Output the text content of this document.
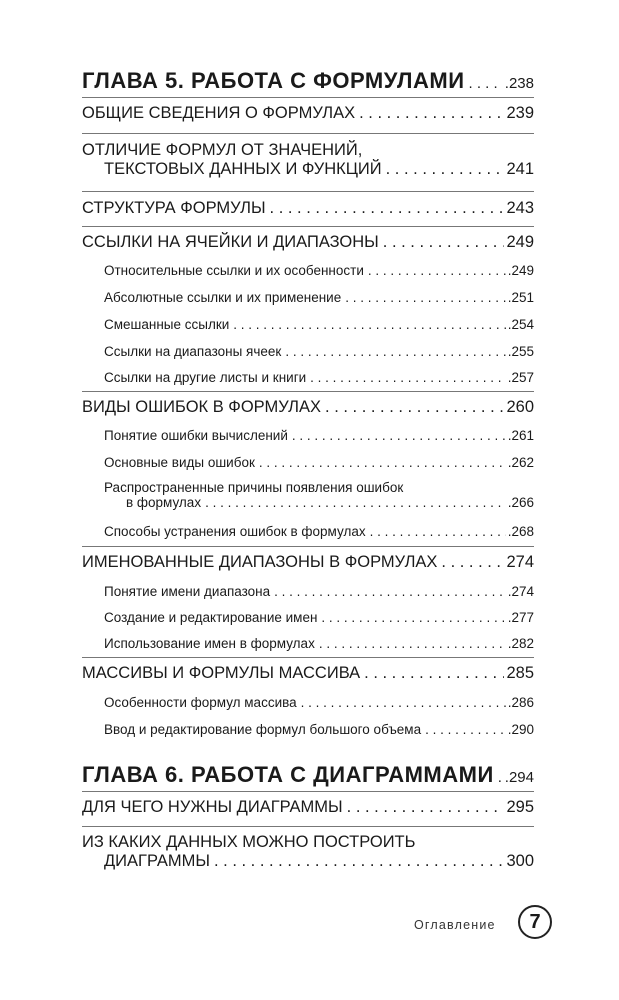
ГЛАВА 5. РАБОТА С ФОРМУЛАМИ . . .	.238
ОБЩИЕ СВЕДЕНИЯ О ФОРМУЛАХ . . .	239
ОТЛИЧИЕ ФОРМУЛ ОТ ЗНАЧЕНИЙ,
ТЕКСТОВЫХ ДАННЫХ И ФУНКЦИЙ . . .	241
СТРУКТУРА ФОРМУЛЫ . . .	243
ССЫЛКИ НА ЯЧЕЙКИ И ДИАПАЗОНЫ . . .	249
Относительные ссылки и их особенности . . .	.249
Абсолютные ссылки и их применение . . .	.251
Смешанные ссылки . . .	.254
Ссылки на диапазоны ячеек . . .	.255
Ссылки на другие листы и книги . . .	.257
ВИДЫ ОШИБОК В ФОРМУЛАХ . . .	260
Понятие ошибки вычислений . . .	.261
Основные виды ошибок . . .	.262
Распространенные причины появления ошибок
в формулах . . .	.266
Способы устранения ошибок в формулах . . .	.268
ИМЕНОВАННЫЕ ДИАПАЗОНЫ В ФОРМУЛАХ . . .	274
Понятие имени диапазона . . .	.274
Создание и редактирование имен . . .	.277
Использование имен в формулах . . .	.282
МАССИВЫ И ФОРМУЛЫ МАССИВА . . .	285
Особенности формул массива . . .	.286
Ввод и редактирование формул большого объема . . .	.290
ГЛАВА 6. РАБОТА С ДИАГРАММАМИ . . . .294
ДЛЯ ЧЕГО НУЖНЫ ДИАГРАММЫ . . .	295
ИЗ КАКИХ ДАННЫХ МОЖНО ПОСТРОИТЬ
ДИАГРАММЫ . . .	300
Оглавление	7
